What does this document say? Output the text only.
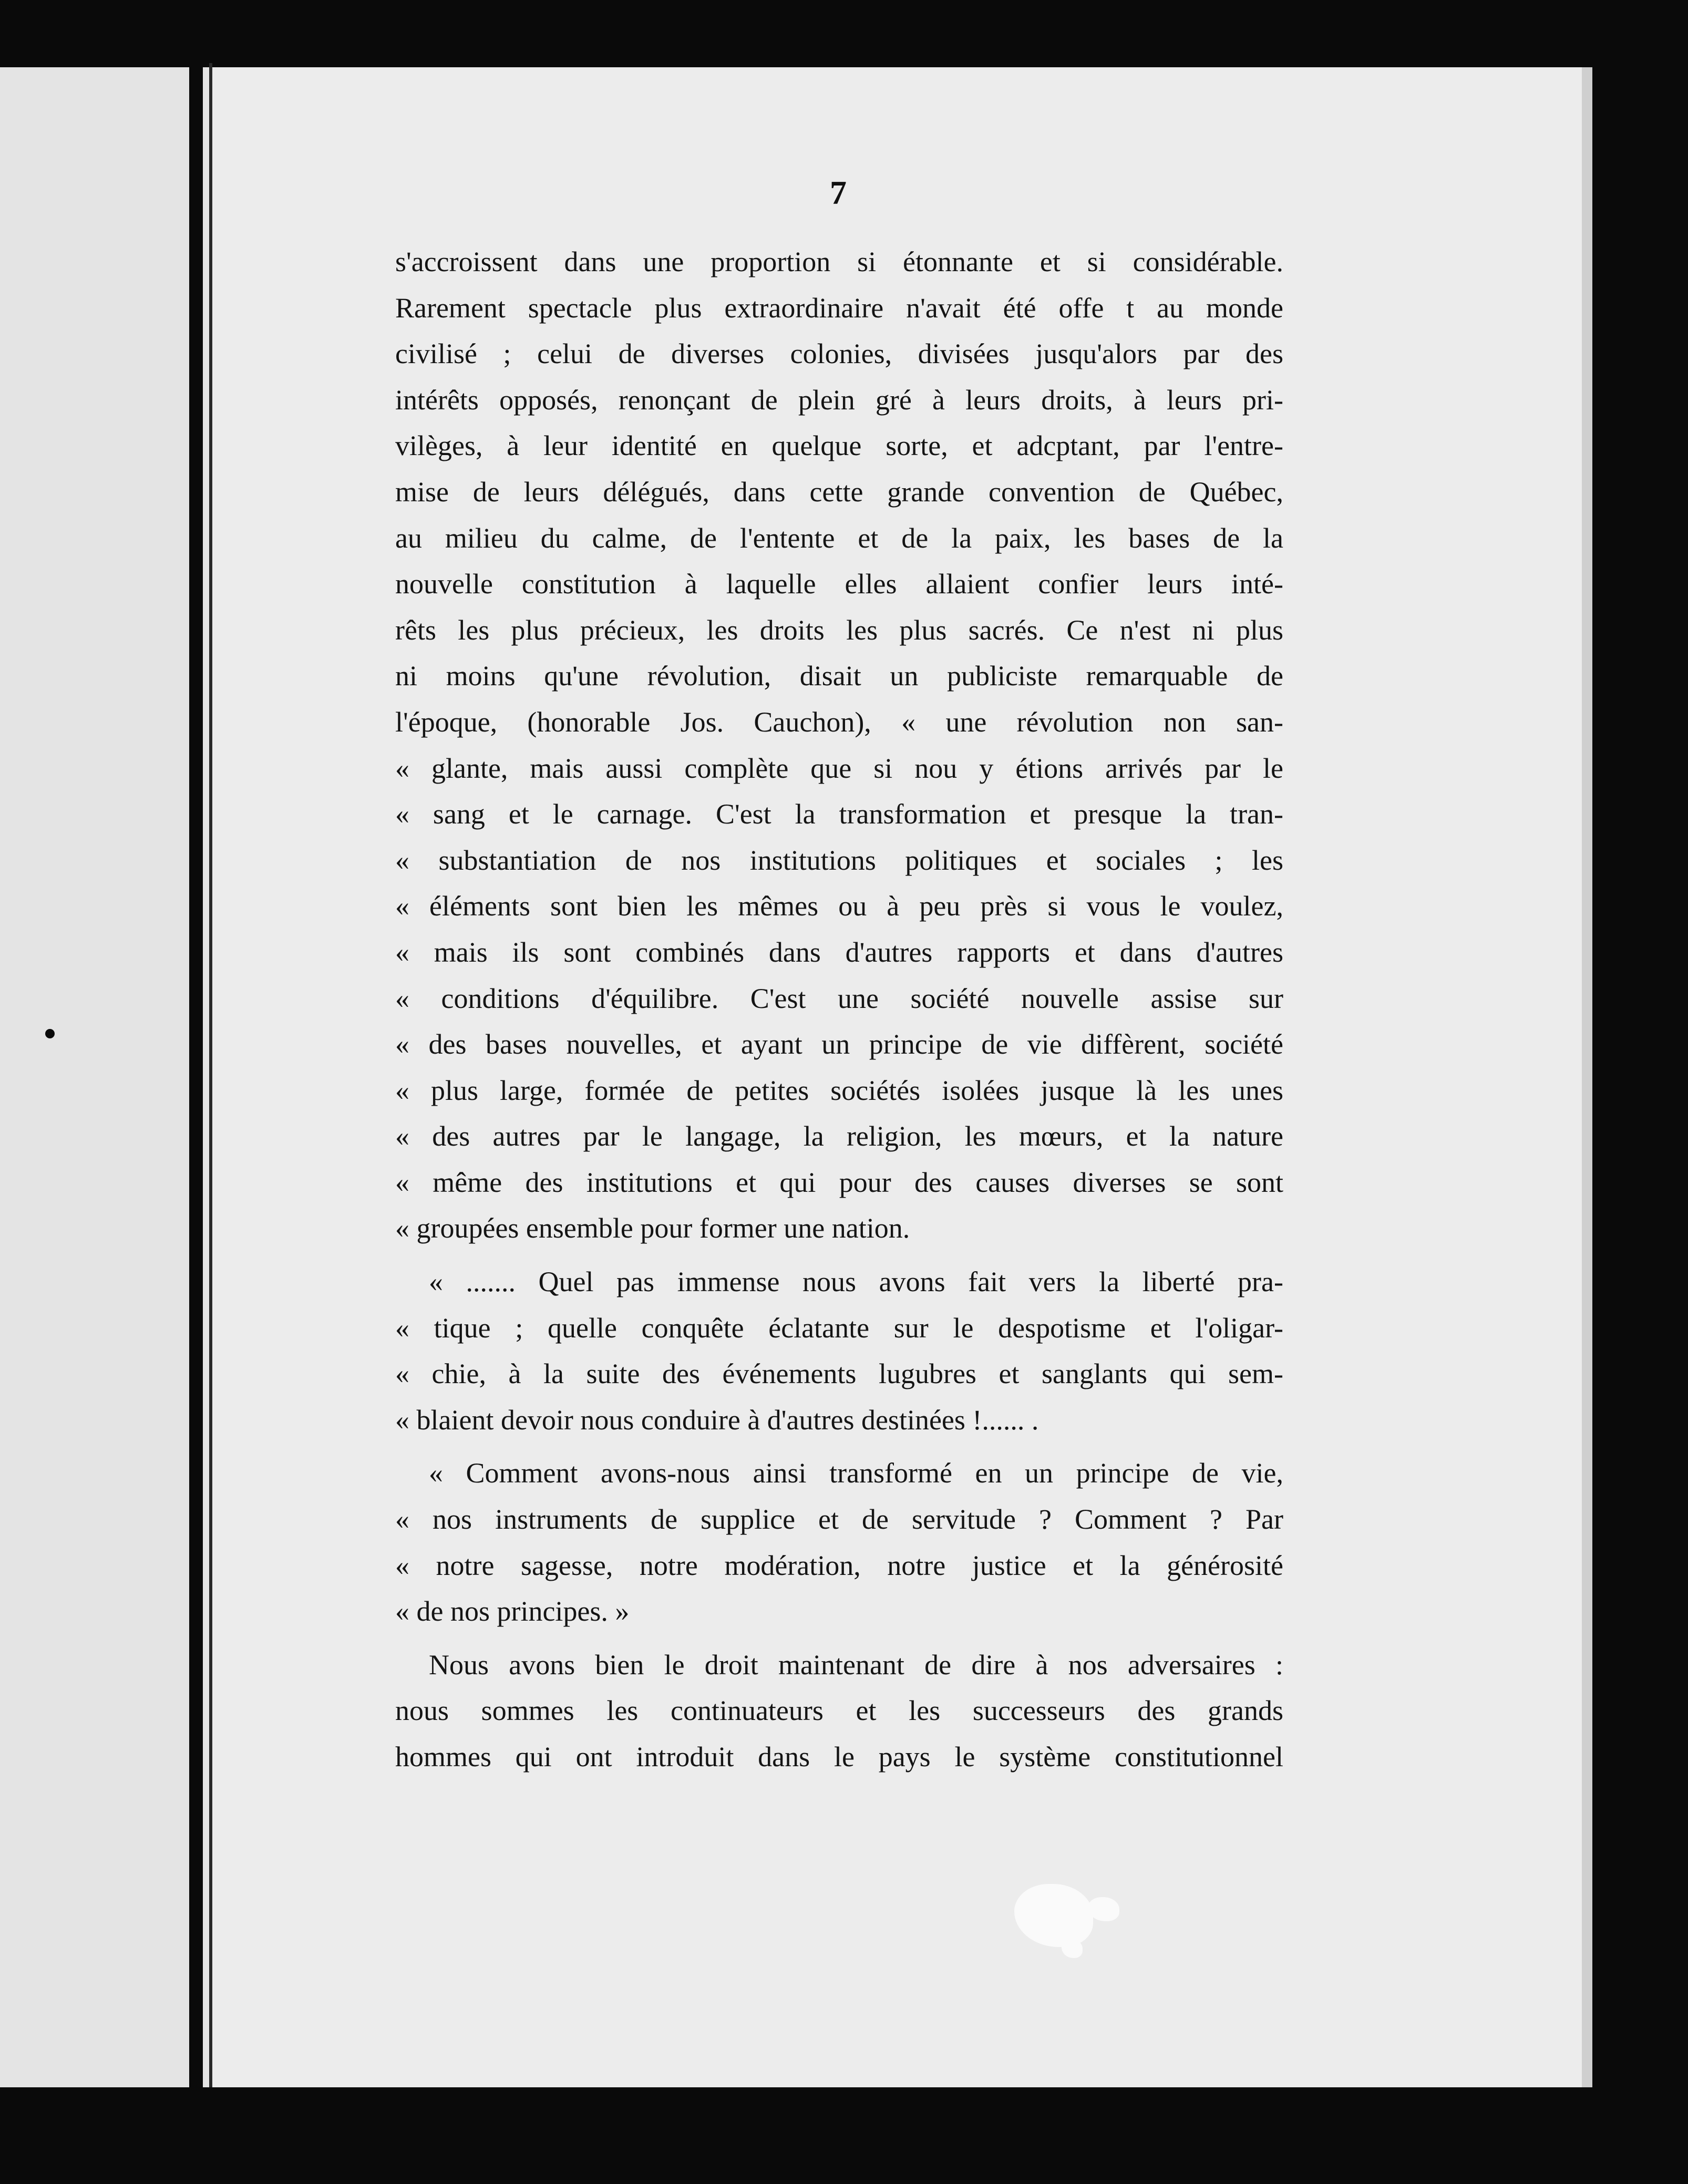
7
s'accroissent dans une proportion si étonnante et si considérable.
Rarement spectacle plus extraordinaire n'avait été offe t au monde
civilisé ; celui de diverses colonies, divisées jusqu'alors par des
intérêts opposés, renonçant de plein gré à leurs droits, à leurs pri-
vilèges, à leur identité en quelque sorte, et adcptant, par l'entre-
mise de leurs délégués, dans cette grande convention de Québec,
au milieu du calme, de l'entente et de la paix, les bases de la
nouvelle constitution à laquelle elles allaient confier leurs inté-
rêts les plus précieux, les droits les plus sacrés. Ce n'est ni plus
ni moins qu'une révolution, disait un publiciste remarquable de
l'époque, (honorable Jos. Cauchon), « une révolution non san-
« glante, mais aussi complète que si nou y étions arrivés par le
« sang et le carnage. C'est la transformation et presque la tran-
« substantiation de nos institutions politiques et sociales ; les
« éléments sont bien les mêmes ou à peu près si vous le voulez,
« mais ils sont combinés dans d'autres rapports et dans d'autres
« conditions d'équilibre. C'est une société nouvelle assise sur
« des bases nouvelles, et ayant un principe de vie diffèrent, société
« plus large, formée de petites sociétés isolées jusque là les unes
« des autres par le langage, la religion, les mœurs, et la nature
« même des institutions et qui pour des causes diverses se sont
« groupées ensemble pour former une nation.
« ....... Quel pas immense nous avons fait vers la liberté pra-
« tique ; quelle conquête éclatante sur le despotisme et l'oligar-
« chie, à la suite des événements lugubres et sanglants qui sem-
« blaient devoir nous conduire à d'autres destinées !...... .
« Comment avons-nous ainsi transformé en un principe de vie,
« nos instruments de supplice et de servitude ? Comment ? Par
« notre sagesse, notre modération, notre justice et la générosité
« de nos principes. »
Nous avons bien le droit maintenant de dire à nos adversaires :
nous sommes les continuateurs et les successeurs des grands
hommes qui ont introduit dans le pays le système constitutionnel
